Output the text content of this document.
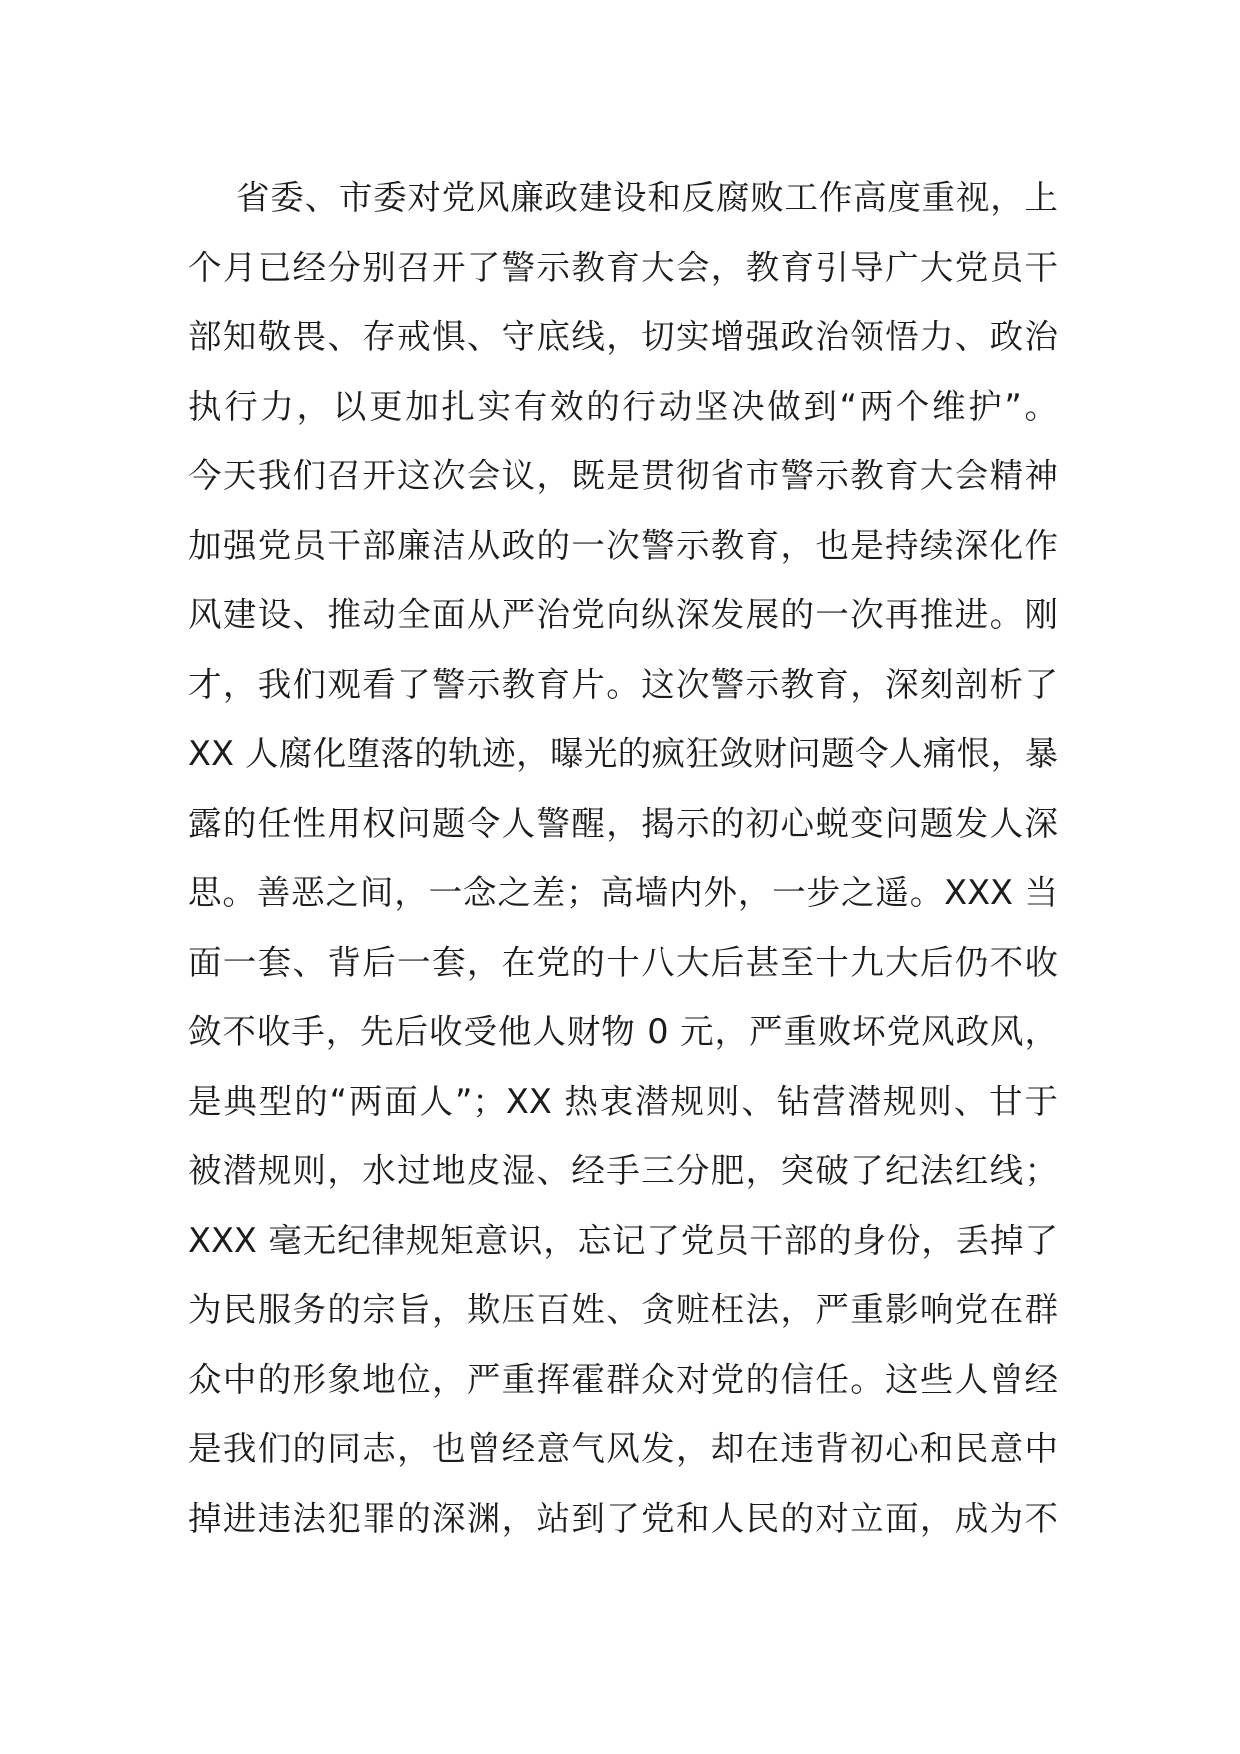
省委、市委对党风廉政建设和反腐败工作高度重视，上
个月已经分别召开了警示教育大会，教育引导广大党员干
部知敬畏、存戒惧、守底线，切实增强政治领悟力、政治
执行力，以更加扎实有效的行动坚决做到“两个维护”。
今天我们召开这次会议，既是贯彻省市警示教育大会精神
加强党员干部廉洁从政的一次警示教育，也是持续深化作
风建设、推动全面从严治党向纵深发展的一次再推进。刚
才，我们观看了警示教育片。这次警示教育，深刻剖析了
XX 人腐化堕落的轨迹，曝光的疯狂敛财问题令人痛恨，暴
露的任性用权问题令人警醒，揭示的初心蜕变问题发人深
思。善恶之间，一念之差；高墙内外，一步之遥。XXX 当
面一套、背后一套，在党的十八大后甚至十九大后仍不收
敛不收手，先后收受他人财物 0 元，严重败坏党风政风，
是典型的“两面人”；XX 热衷潜规则、钻营潜规则、甘于
被潜规则，水过地皮湿、经手三分肥，突破了纪法红线；
XXX 毫无纪律规矩意识，忘记了党员干部的身份，丢掉了
为民服务的宗旨，欺压百姓、贪赃枉法，严重影响党在群
众中的形象地位，严重挥霍群众对党的信任。这些人曾经
是我们的同志，也曾经意气风发，却在违背初心和民意中
掉进违法犯罪的深渊，站到了党和人民的对立面，成为不
